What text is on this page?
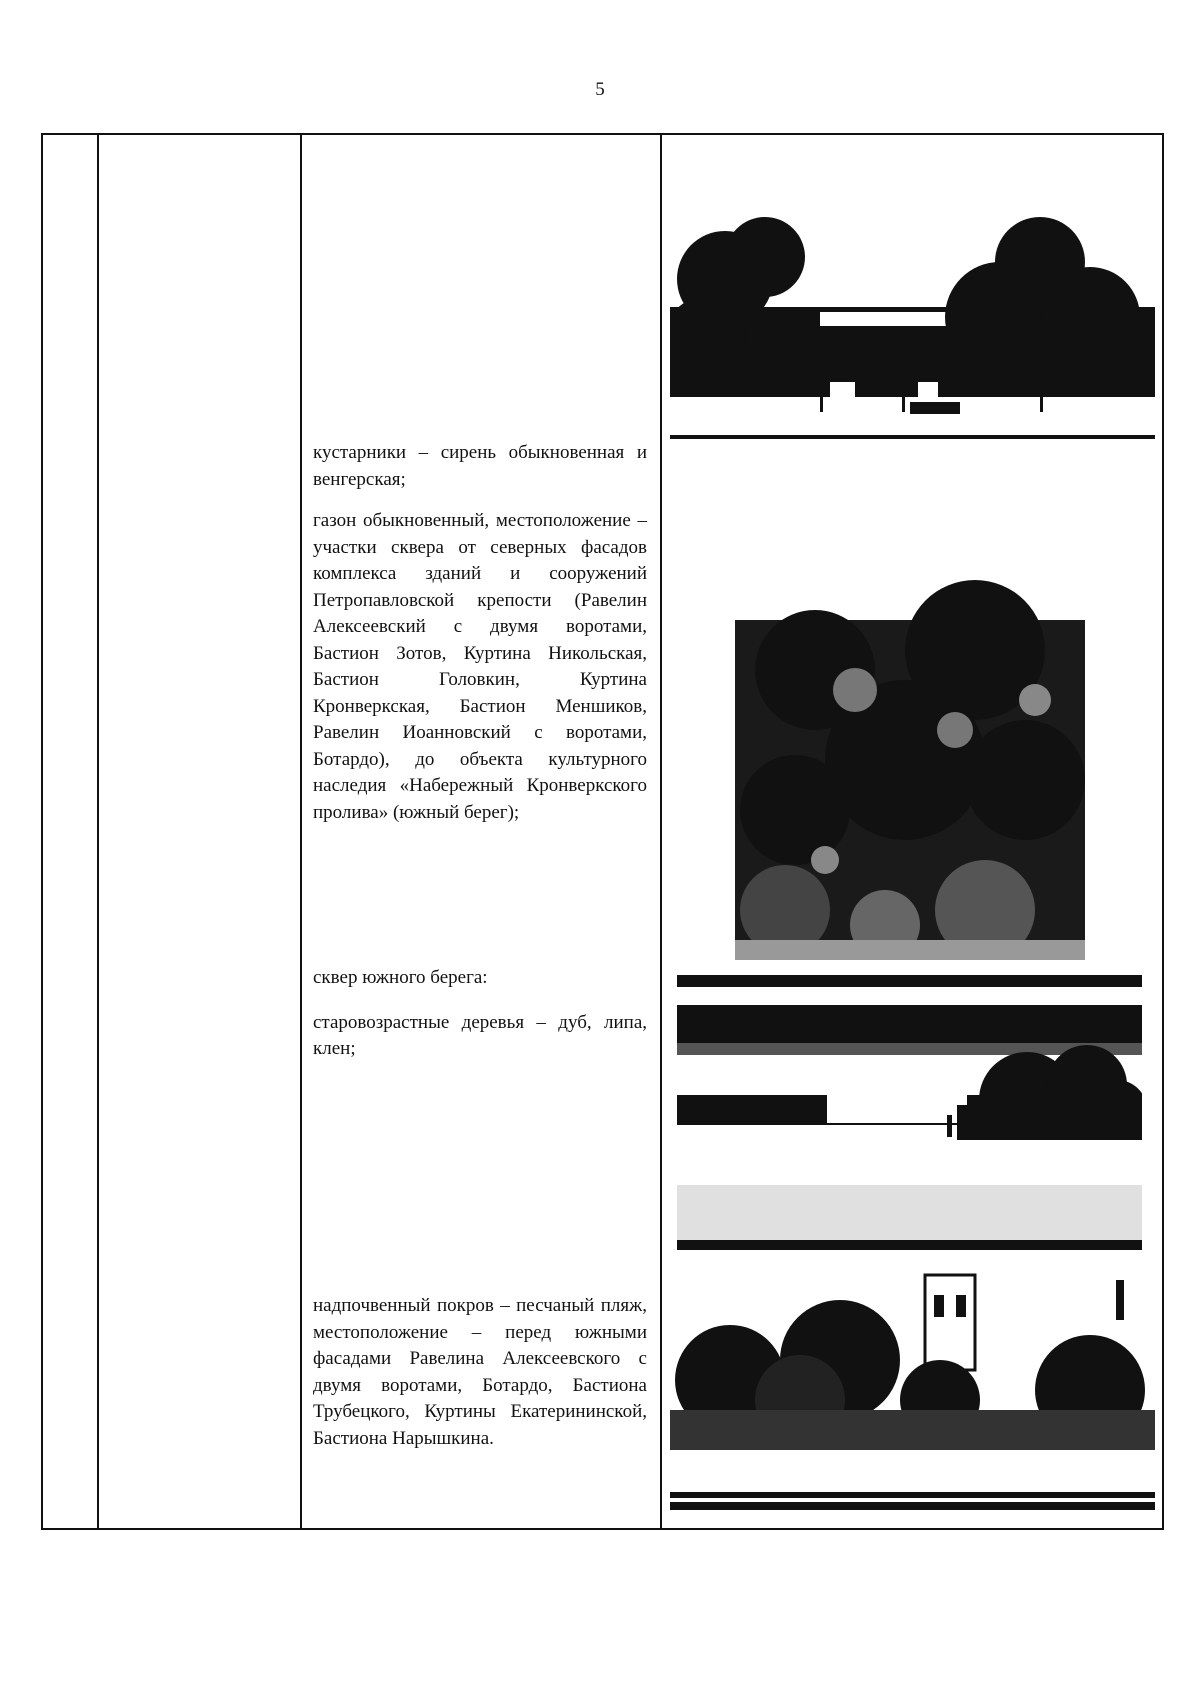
5

кустарники – сирень обыкновенная и венгерская;

газон обыкновенный, местоположение – участки сквера от северных фасадов комплекса зданий и сооружений Петропавловской крепости (Равелин Алексеевский с двумя воротами, Бастион Зотов, Куртина Никольская, Бастион Головкин, Куртина Кронверкская, Бастион Меншиков, Равелин Иоанновский с воротами, Ботардо), до объекта культурного наследия «Набережный Кронверкского пролива» (южный берег);

сквер южного берега:

старовозрастные деревья – дуб, липа, клен;

надпочвенный покров – песчаный пляж, местоположение – перед южными фасадами Равелина Алексеевского с двумя воротами, Ботардо, Бастиона Трубецкого, Куртины Екатерининской, Бастиона Нарышкина.
